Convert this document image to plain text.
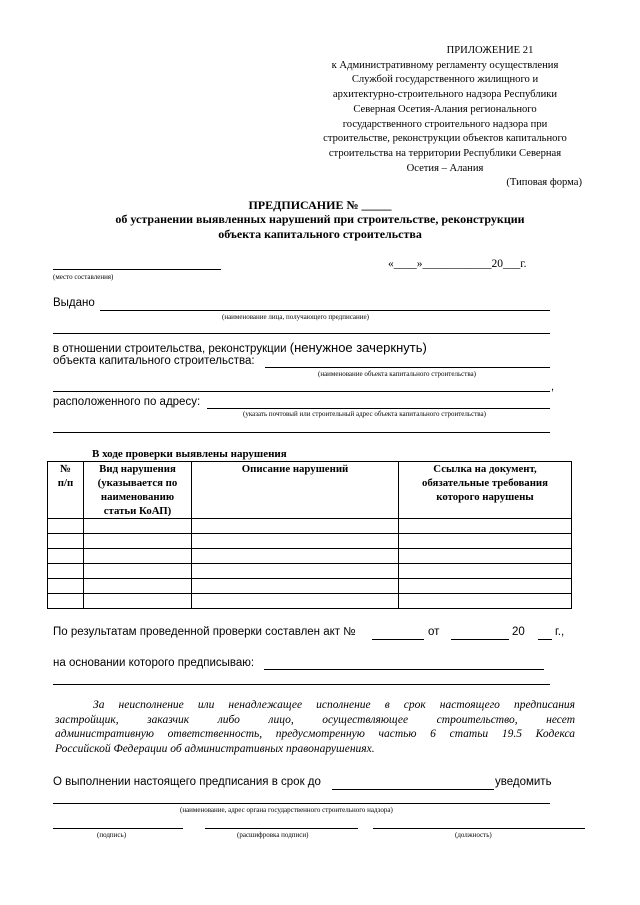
ПРИЛОЖЕНИЕ 21
к Административному регламенту осуществления
Службой государственного жилищного и
архитектурно-строительного надзора Республики
Северная Осетия-Алания регионального
государственного строительного надзора при
строительстве, реконструкции объектов капитального
строительства на территории Республики Северная
Осетия – Алания
(Типовая форма)
ПРЕДПИСАНИЕ № _____
об устранении выявленных нарушений при строительстве, реконструкции
объекта капитального строительства
(место составления)
«____»____________20___г.
Выдано
(наименование лица, получающего предписание)
в отношении строительства, реконструкции (ненужное зачеркнуть)
объекта капитального строительства:
(наименование объекта капитального строительства)
,
расположенного по адресу:
(указать почтовый или строительный адрес объекта капитального строительства)
В ходе проверки выявлены нарушения
№
п/п	Вид нарушения
(указывается по
наименованию
статьи КоАП)	Описание нарушений	Ссылка на документ,
обязательные требования
которого нарушены

По результатам проведенной проверки составлен акт №	от	20	г.,
на основании которого предписываю:
За неисполнение или ненадлежащее исполнение в срок настоящего предписания
застройщик, заказчик либо лицо, осуществляющее строительство, несет
административную ответственность, предусмотренную частью 6 статьи 19.5 Кодекса
Российской Федерации об административных правонарушениях.
О выполнении настоящего предписания в срок до	уведомить
(наименование, адрес органа государственного строительного надзора)
(подпись)	(расшифровка подписи)	(должность)
